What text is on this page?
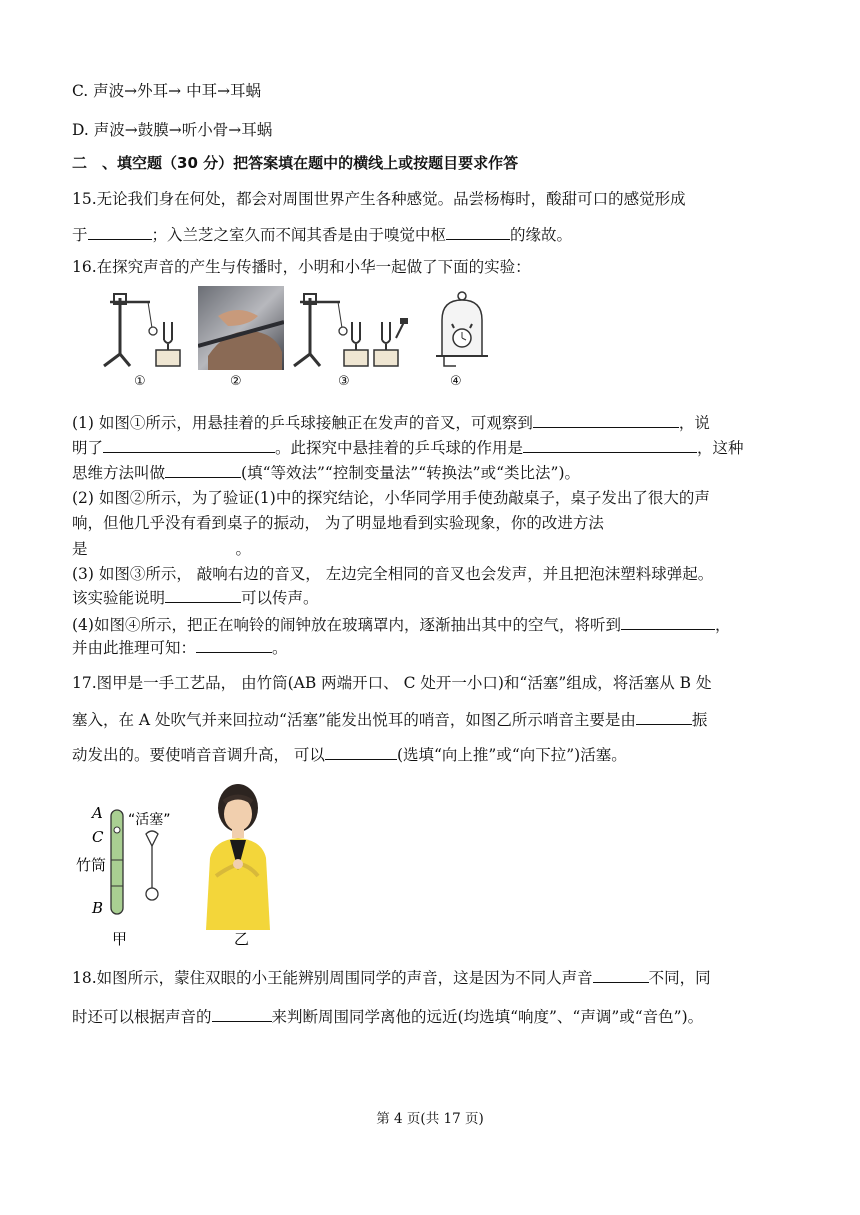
C. 声波→外耳→ 中耳→耳蜗
D. 声波→鼓膜→听小骨→耳蜗
二　、填空题（30 分）把答案填在题中的横线上或按题目要求作答
15.无论我们身在何处，都会对周围世界产生各种感觉。品尝杨梅时，酸甜可口的感觉形成
于	；入兰芝之室久而不闻其香是由于嗅觉中枢	的缘故。
16.在探究声音的产生与传播时，小明和小华一起做了下面的实验：
①	②	③	④
(1) 如图①所示，用悬挂着的乒乓球接触正在发声的音叉，可观察到	，说
明了	。此探究中悬挂着的乒乓球的作用是	，这种
思维方法叫做	(填“等效法”“控制变量法”“转换法”或“类比法”)。
(2) 如图②所示，为了验证(1)中的探究结论，小华同学用手使劲敲桌子，桌子发出了很大的声
响，但他几乎没有看到桌子的振动， 为了明显地看到实验现象，你的改进方法
是	。
(3) 如图③所示， 敲响右边的音叉， 左边完全相同的音叉也会发声，并且把泡沫塑料球弹起。
该实验能说明	可以传声。
(4)如图④所示，把正在响铃的闹钟放在玻璃罩内，逐渐抽出其中的空气，将听到	，
并由此推理可知：	。
17.图甲是一手工艺品， 由竹筒(AB 两端开口、 C 处开一小口)和“活塞”组成，将活塞从 B 处
塞入，在 A 处吹气并来回拉动“活塞”能发出悦耳的哨音，如图乙所示哨音主要是由	振
动发出的。要使哨音音调升高， 可以	(选填“向上推”或“向下拉”)活塞。
A
C
竹筒
B
“活塞”
甲	乙
18.如图所示，蒙住双眼的小王能辨别周围同学的声音，这是因为不同人声音	不同，同
时还可以根据声音的	来判断周围同学离他的远近(均选填“响度”、“声调”或“音色”)。
第 4 页(共 17 页)
